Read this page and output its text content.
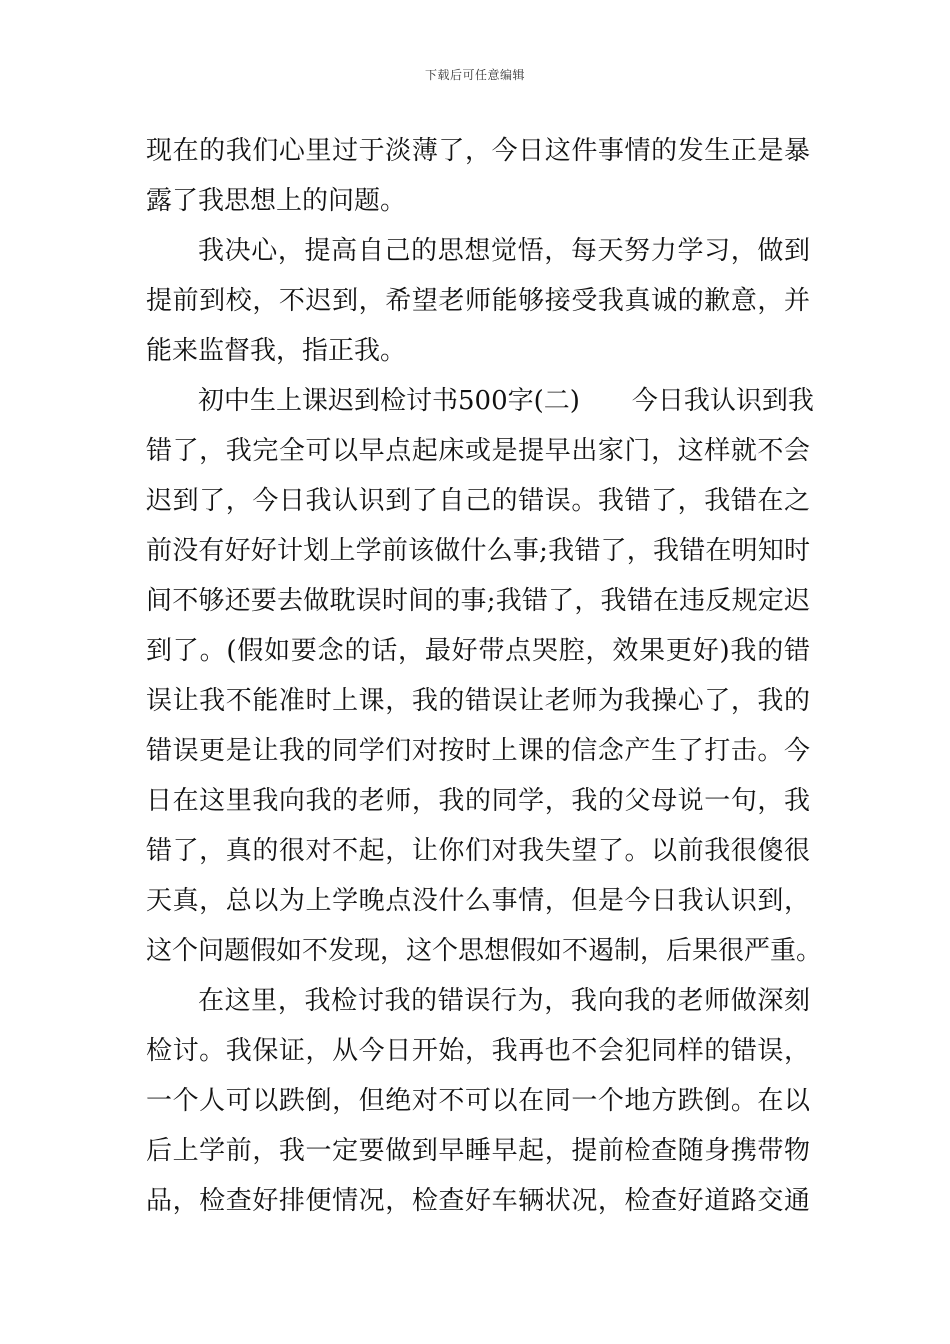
下载后可任意编辑
现在的我们心里过于淡薄了，今日这件事情的发生正是暴
露了我思想上的问题。
我决心，提高自己的思想觉悟，每天努力学习，做到
提前到校，不迟到，希望老师能够接受我真诚的歉意，并
能来监督我，指正我。
初中生上课迟到检讨书500字(二)　　今日我认识到我
错了，我完全可以早点起床或是提早出家门，这样就不会
迟到了，今日我认识到了自己的错误。我错了，我错在之
前没有好好计划上学前该做什么事;我错了，我错在明知时
间不够还要去做耽误时间的事;我错了，我错在违反规定迟
到了。(假如要念的话，最好带点哭腔，效果更好)我的错
误让我不能准时上课，我的错误让老师为我操心了，我的
错误更是让我的同学们对按时上课的信念产生了打击。今
日在这里我向我的老师，我的同学，我的父母说一句，我
错了，真的很对不起，让你们对我失望了。以前我很傻很
天真，总以为上学晚点没什么事情，但是今日我认识到，
这个问题假如不发现，这个思想假如不遏制，后果很严重。
在这里，我检讨我的错误行为，我向我的老师做深刻
检讨。我保证，从今日开始，我再也不会犯同样的错误，
一个人可以跌倒，但绝对不可以在同一个地方跌倒。在以
后上学前，我一定要做到早睡早起，提前检查随身携带物
品，检查好排便情况，检查好车辆状况，检查好道路交通
